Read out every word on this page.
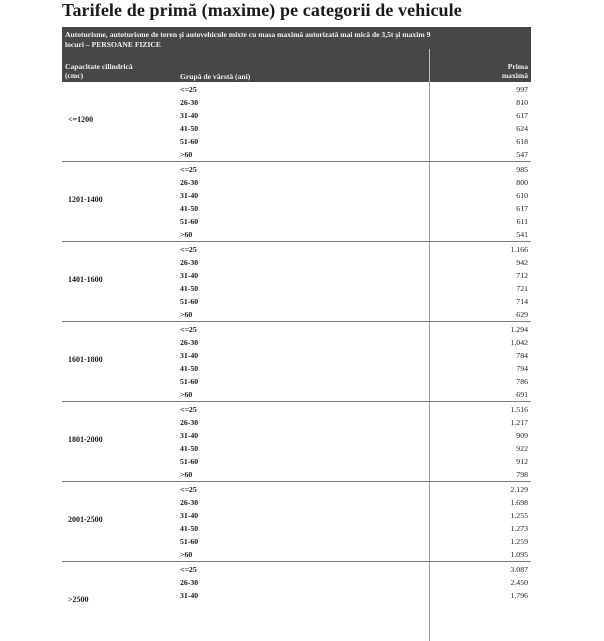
Tarifele de primă (maxime) pe categorii de vehicule
Autoturisme, autoturisme de teren și autovehicule mixte cu masa maximă autorizată mai mică de 3,5t și maxim 9
locuri – PERSOANE FIZICE
Capacitate cilindrică
(cmc)	Grupă de vârstă (ani)
Prima
maximă
<=1200
<=25	997
26-30	810
31-40	617
41-50	624
51-60	618
>60	547
1201-1400
<=25	985
26-30	800
31-40	610
41-50	617
51-60	611
>60	541
1401-1600
<=25	1.166
26-30	942
31-40	712
41-50	721
51-60	714
>60	629
1601-1800
<=25	1.294
26-30	1.042
31-40	784
41-50	794
51-60	786
>60	691
1801-2000
<=25	1.516
26-30	1.217
31-40	909
41-50	922
51-60	912
>60	798
2001-2500
<=25	2.129
26-30	1.698
31-40	1.255
41-50	1.273
51-60	1.259
>60	1.095
>2500
<=25	3.087
26-30	2.450
31-40	1.796
